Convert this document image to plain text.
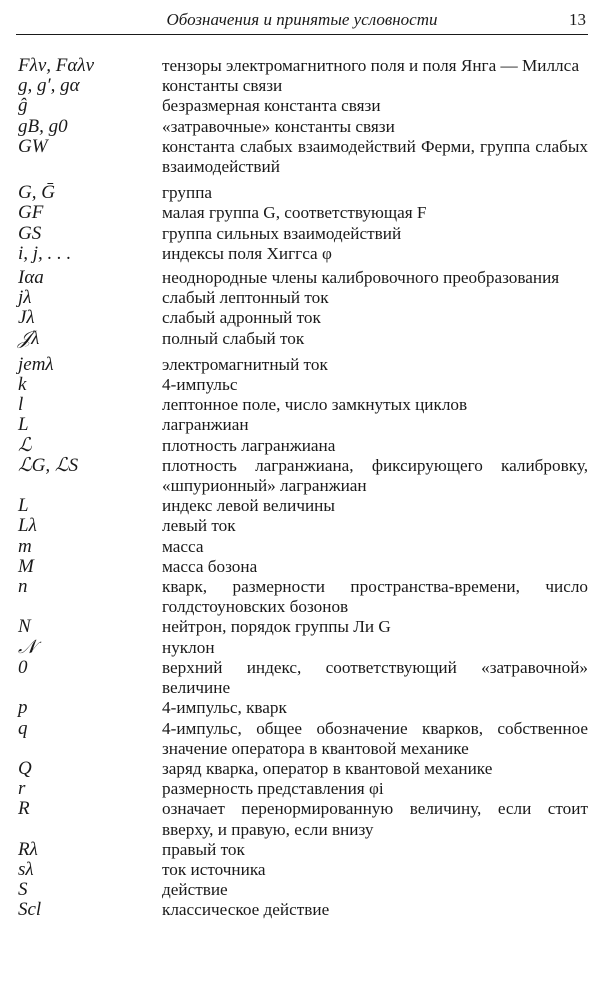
Обозначения и принятые условности	13
Fλν, Fαλν	тензоры электромагнитного поля и поля Янга — Миллса
g, g′, gα	константы связи
ĝ	безразмерная константа связи
gB, g0	«затравочные» константы связи
GW	константа слабых взаимодействий Ферми, группа слабых взаимодействий
G, Ḡ	группа
GF	малая группа G, соответствующая F
GS	группа сильных взаимодействий
i, j, . . .	индексы поля Хиггса φ
Iαa	неоднородные члены калибровочного преобразования
jλ	слабый лептонный ток
Jλ	слабый адронный ток
𝒥λ	полный слабый ток
jemλ	электромагнитный ток
k	4-импульс
l	лептонное поле, число замкнутых циклов
L	лагранжиан
ℒ	плотность лагранжиана
ℒG, ℒS	плотность лагранжиана, фиксирующего калибровку, «шпурионный» лагранжиан
L	индекс левой величины
Lλ	левый ток
m	масса
M	масса бозона
n	кварк, размерности пространства-времени, число голдстоуновских бозонов
N	нейтрон, порядок группы Ли G
𝒩	нуклон
0	верхний индекс, соответствующий «затравочной» величине
p	4-импульс, кварк
q	4-импульс, общее обозначение кварков, собственное значение оператора в квантовой механике
Q	заряд кварка, оператор в квантовой механике
r	размерность представления φi
R	означает перенормированную величину, если стоит вверху, и правую, если внизу
Rλ	правый ток
sλ	ток источника
S	действие
Scl	классическое действие
